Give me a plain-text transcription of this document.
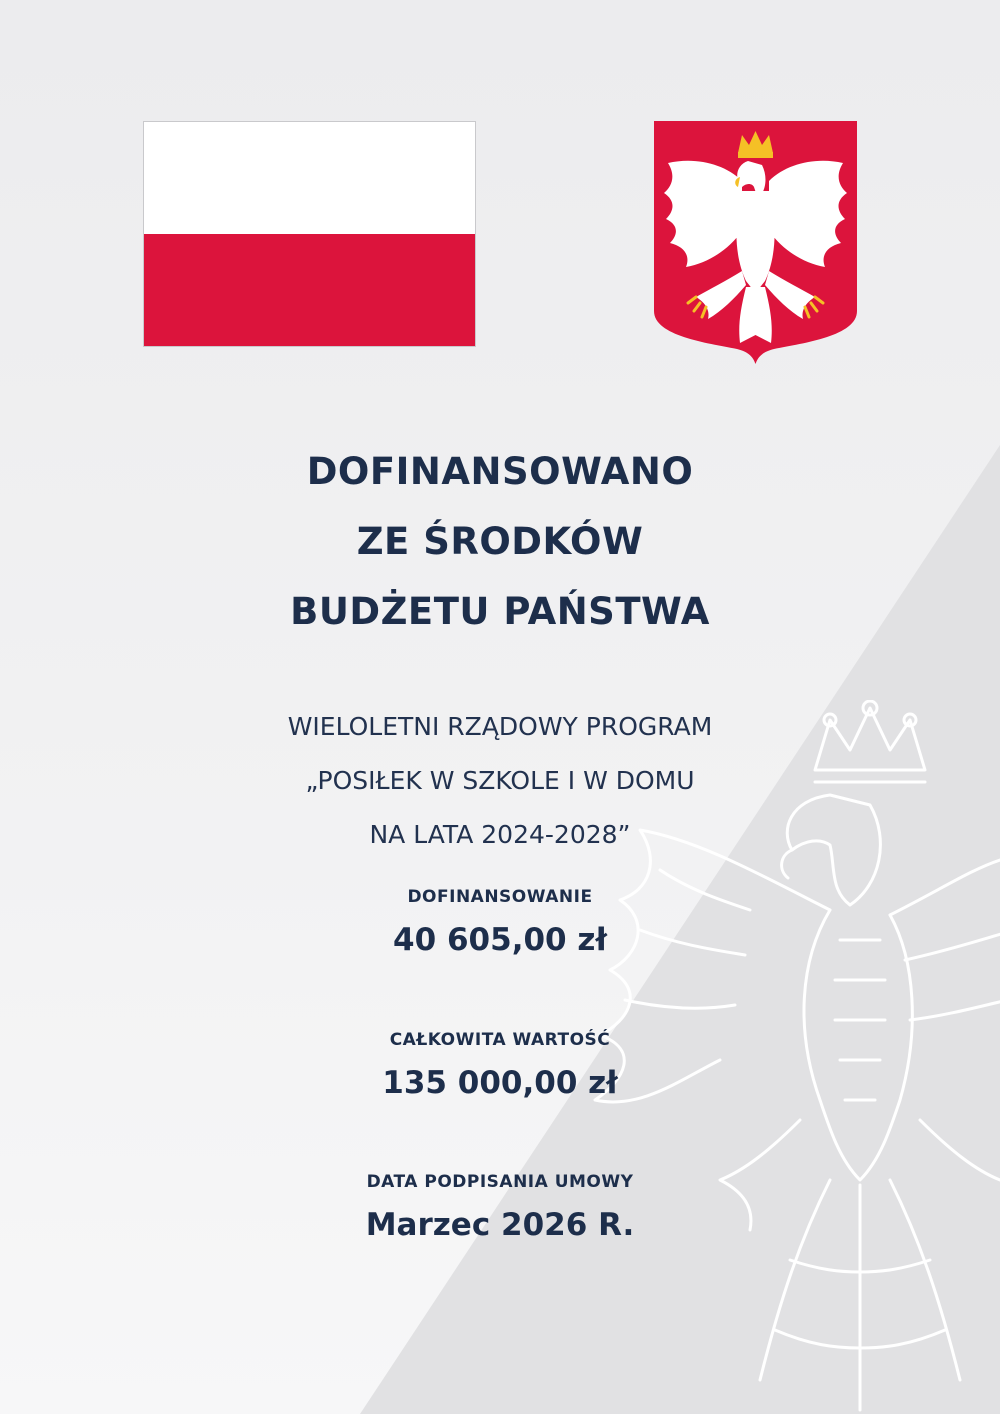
DOFINANSOWANO
ZE ŚRODKÓW
BUDŻETU PAŃSTWA
WIELOLETNI RZĄDOWY PROGRAM
„POSIŁEK W SZKOLE I W DOMU
NA LATA 2024-2028”
DOFINANSOWANIE
40 605,00 zł
CAŁKOWITA WARTOŚĆ
135 000,00 zł
DATA PODPISANIA UMOWY
Marzec 2026 R.
